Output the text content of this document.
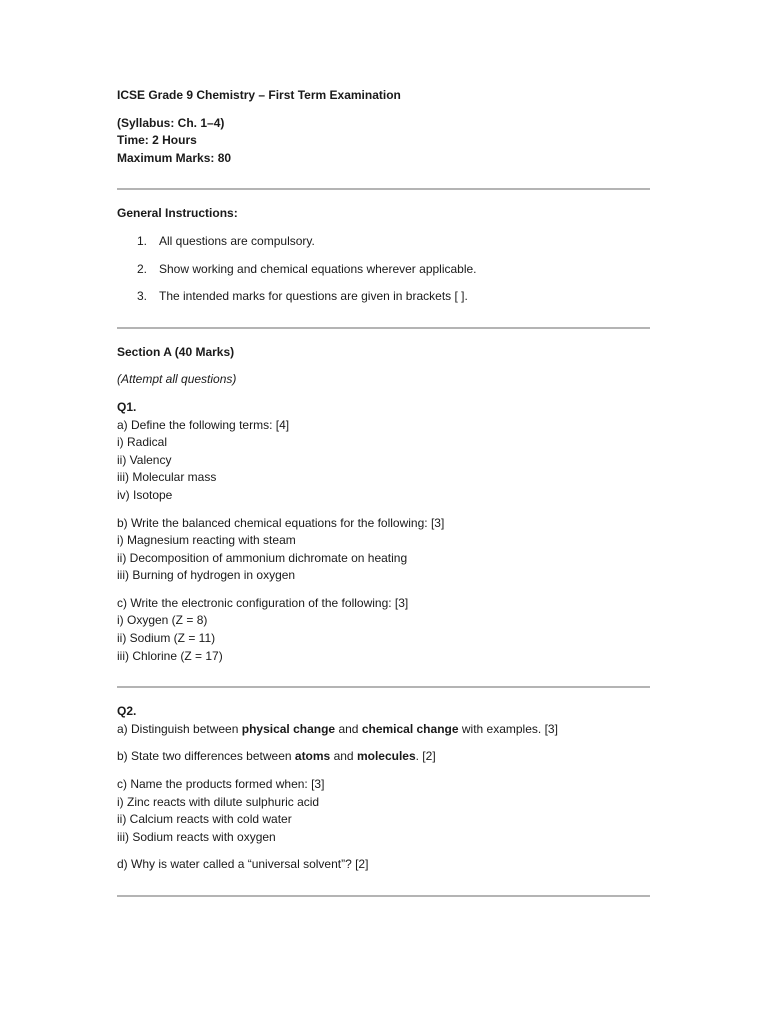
ICSE Grade 9 Chemistry – First Term Examination
(Syllabus: Ch. 1–4)
Time: 2 Hours
Maximum Marks: 80
General Instructions:
1. All questions are compulsory.
2. Show working and chemical equations wherever applicable.
3. The intended marks for questions are given in brackets [ ].
Section A (40 Marks)
(Attempt all questions)
Q1.
a) Define the following terms: [4]
i) Radical
ii) Valency
iii) Molecular mass
iv) Isotope
b) Write the balanced chemical equations for the following: [3]
i) Magnesium reacting with steam
ii) Decomposition of ammonium dichromate on heating
iii) Burning of hydrogen in oxygen
c) Write the electronic configuration of the following: [3]
i) Oxygen (Z = 8)
ii) Sodium (Z = 11)
iii) Chlorine (Z = 17)
Q2.
a) Distinguish between physical change and chemical change with examples. [3]
b) State two differences between atoms and molecules. [2]
c) Name the products formed when: [3]
i) Zinc reacts with dilute sulphuric acid
ii) Calcium reacts with cold water
iii) Sodium reacts with oxygen
d) Why is water called a “universal solvent”? [2]
